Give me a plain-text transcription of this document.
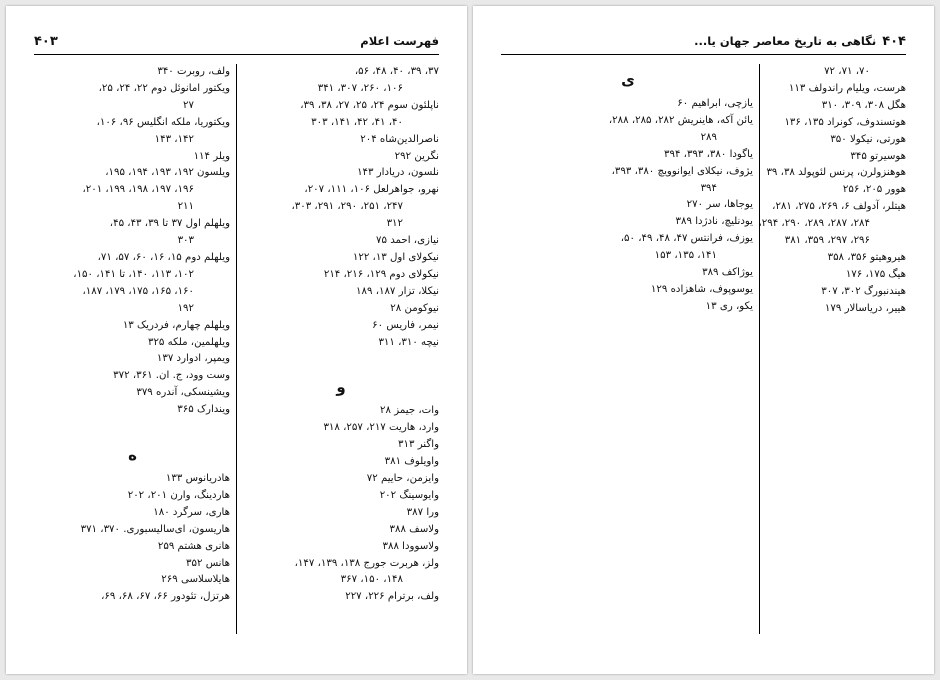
فهرست اعلام
۴۰۳
۳۷، ۳۹، ۴۰، ۴۸، ۵۶،
۱۰۶، ۲۶۰، ۳۰۷، ۳۴۱
ناپلئون سوم ۲۴، ۲۵، ۲۷، ۳۸، ۳۹،
۴۰، ۴۱، ۴۲، ۱۴۱، ۳۰۳
ناصرالدین‌شاه ۲۰۴
نگرین ۲۹۲
نلسون، دریادار ۱۴۳
نهرو، جواهرلعل ۱۰۶، ۱۱۱، ۲۰۷،
۲۴۷، ۲۵۱، ۲۹۰، ۲۹۱، ۳۰۳،
۳۱۲
نیازی، احمد ۷۵
نیکولای اول ۱۳، ۱۲۲
نیکولای دوم ۱۲۹، ۲۱۶، ۲۱۴
نیکلا، تزار ۱۸۷، ۱۸۹
نیوکومن ۲۸
نیمر، فاریس ۶۰
نیچه ۳۱۰، ۳۱۱
و
وات، جیمز ۲۸
وارد، هاریت ۲۱۷، ۲۵۷، ۳۱۸
واگنر ۳۱۳
واویلوف ۳۸۱
وایزمن، حاییم ۷۲
وایوسینگ ۲۰۲
ورا ۳۸۷
ولاسف ۳۸۸
ولاسوودا ۳۸۸
ولز، هربرت جورج ۱۳۸، ۱۳۹، ۱۴۷،
۱۴۸، ۱۵۰، ۳۶۷
ولف، برترام ۲۲۶، ۲۲۷
ولف، روبرت ۳۴۰
ویکتور امانوئل دوم ۲۲، ۲۴، ۲۵،
۲۷
ویکتوریا، ملکه انگلیس ۹۶، ۱۰۶،
۱۴۲، ۱۴۳
ویلر ۱۱۴
ویلسون ۱۹۲، ۱۹۳، ۱۹۴، ۱۹۵،
۱۹۶، ۱۹۷، ۱۹۸، ۱۹۹، ۲۰۱،
۲۱۱
ویلهلم اول ۳۷ تا ۳۹، ۴۳، ۴۵،
۳۰۳
ویلهلم دوم ۱۵، ۱۶، ۶۰، ۵۷، ۷۱،
۱۰۲، ۱۱۳، ۱۴۰، تا ۱۴۱، ۱۵۰،
۱۶۰، ۱۶۵، ۱۷۵، ۱۷۹، ۱۸۷،
۱۹۲
ویلهلم چهارم، فردریک ۱۳
ویلهلمین، ملکه ۳۲۵
ویمپر، ادوارد ۱۳۷
وست وود، ج. ان. ۳۶۱، ۳۷۲
ویشینسکی، آندره ۳۷۹
ویندارک ۳۶۵
ه
هادریانوس ۱۳۳
هاردینگ، وارن ۲۰۱، ۲۰۲
هاری، سرگرد ۱۸۰
هاریسون، ای‌سالیسبوری. ۳۷۰، ۳۷۱
هانری هشتم ۲۵۹
هانس ۳۵۲
هایلاسلاسی ۲۶۹
هرتزل، تئودور ۶۶، ۶۷، ۶۸، ۶۹،
۴۰۴
نگاهی به تاریخ معاصر جهان یا...
۷۰، ۷۱، ۷۲
هرست، ویلیام راندولف ۱۱۳
هگل ۳۰۸، ۳۰۹، ۳۱۰
هوتسندوف، کونراد ۱۳۵، ۱۳۶
هورتی، نیکولا ۳۵۰
هوسیرتو ۳۴۵
هوهنزولرن، پرنس لئوپولد ۳۸، ۳۹
هوور ۲۰۵، ۲۵۶
هیتلر، آدولف ۶، ۲۶۹، ۲۷۵، ۲۸۱،
۲۸۴، ۲۸۷، ۲۸۹، ۲۹۰، ۲۹۴،
۲۹۶، ۲۹۷، ۳۵۹، ۳۸۱
هیروهیتو ۳۵۶، ۳۵۸
هیگ ۱۷۵، ۱۷۶
هیندنبورگ ۳۰۲، ۳۰۷
هییر، دریاسالار ۱۷۹
ی
یازچی، ابراهیم ۶۰
یائن آکه، هاینریش ۲۸۲، ۲۸۵، ۲۸۸،
۲۸۹
یاگودا ۳۸۰، ۳۹۳، ۳۹۴
یژوف، نیکلای ایوانوویچ ۳۸۰، ۳۹۳،
۳۹۴
یوجاها، سر ۲۷۰
یودنلیچ، نادژدا ۳۸۹
یوزف، فرانتس ۴۷، ۴۸، ۴۹، ۵۰،
۱۴۱، ۱۳۵، ۱۵۳
یوژاکف ۳۸۹
یوسوپوف، شاهزاده ۱۲۹
یکو، ری ۱۳
